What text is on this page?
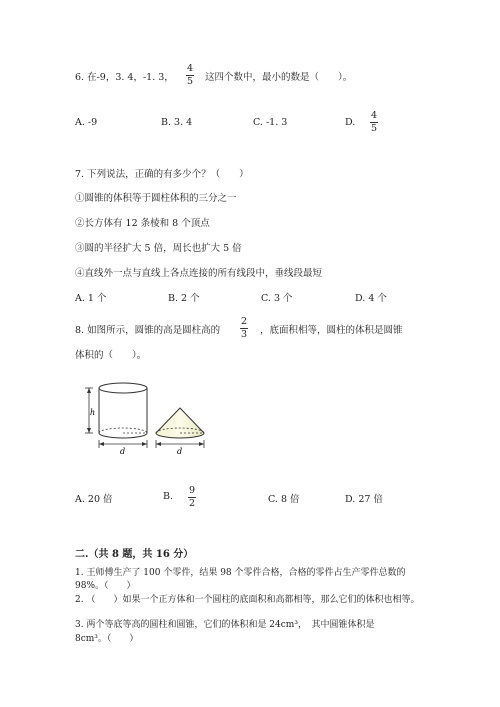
6. 在-9，3. 4，-1. 3，
4
5 这四个数中，最小的数是（　　）。
A. -9	B. 3. 4	C. -1. 3	D.
4
5
7. 下列说法，正确的有多少个？（　　）
①圆锥的体积等于圆柱体积的三分之一
②长方体有 12 条棱和 8 个顶点
③圆的半径扩大 5 倍，周长也扩大 5 倍
④直线外一点与直线上各点连接的所有线段中，垂线段最短
A. 1 个	B. 2 个	C. 3 个	D. 4 个
8. 如图所示，圆锥的高是圆柱高的
2
3 ，底面积相等，圆柱的体积是圆锥
体积的（　　）。
h
d	d
A. 20 倍	B.
9
2	C. 8 倍	D. 27 倍
二.（共 8 题，共 16 分）
1. 王师傅生产了 100 个零件，结果 98 个零件合格，合格的零件占生产零件总数的
98%。（　　）
2. （　　）如果一个正方体和一个圆柱的底面积和高都相等，那么它们的体积也相等。
3. 两个等底等高的圆柱和圆锥，它们的体积和是 24cm³，　其中圆锥体积是
8cm³。（　　）
